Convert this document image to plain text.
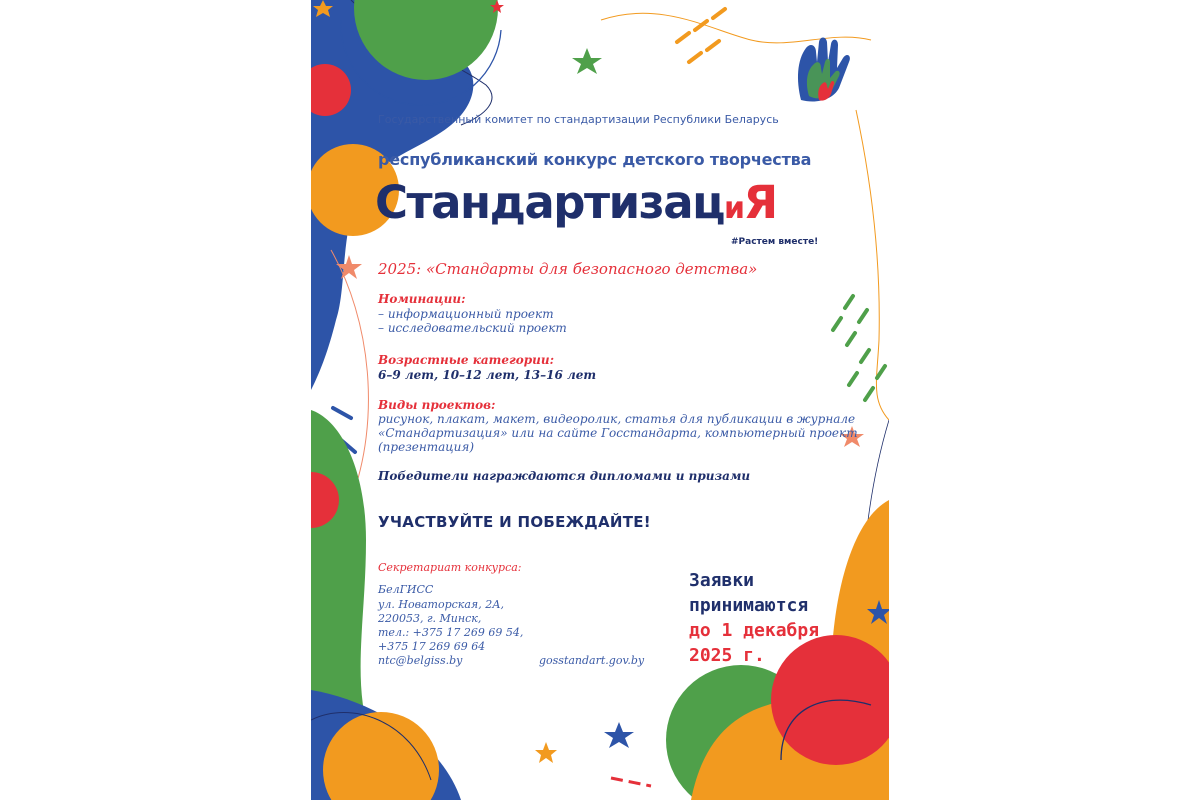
Государственный комитет по стандартизации Республики Беларусь

республиканский конкурс детского творчества

СтандартизациЯ

#Растем вместе!

2025: «Стандарты для безопасного детства»

Номинации:

– информационный проект

– исследовательский проект

Возрастные категории:

6–9 лет, 10–12 лет, 13–16 лет

Виды проектов:

рисунок, плакат, макет, видеоролик, статья для публикации в журнале

«Стандартизация» или на сайте Госстандарта, компьютерный проект

(презентация)

Победители награждаются дипломами и призами

УЧАСТВУЙТЕ И ПОБЕЖДАЙТЕ!

Секретариат конкурса:

БелГИСС

ул. Новаторская, 2А,

220053, г. Минск,

тел.: +375 17 269 69 54,

+375 17 269 69 64

ntc@belgiss.by	gosstandart.gov.by

Заявки

принимаются

до 1 декабря

2025 г.
